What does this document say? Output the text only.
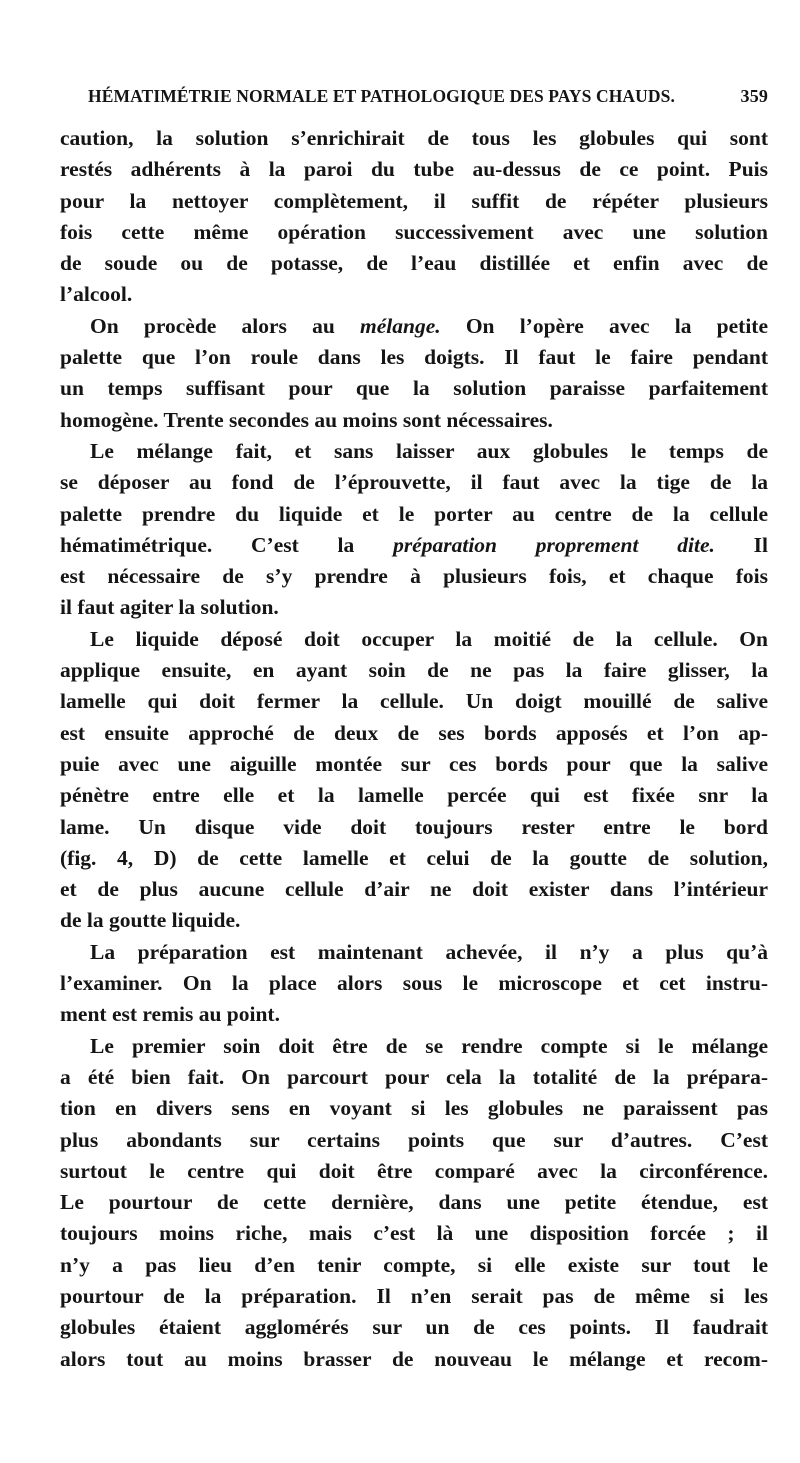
HÉMATIMÉTRIE NORMALE ET PATHOLOGIQUE DES PAYS CHAUDS.	359
caution, la solution s’enrichirait de tous les globules qui sont
restés adhérents à la paroi du tube au-dessus de ce point. Puis
pour la nettoyer complètement, il suffit de répéter plusieurs
fois cette même opération successivement avec une solution
de soude ou de potasse, de l’eau distillée et enfin avec de
l’alcool.
On procède alors au mélange. On l’opère avec la petite
palette que l’on roule dans les doigts. Il faut le faire pendant
un temps suffisant pour que la solution paraisse parfaitement
homogène. Trente secondes au moins sont nécessaires.
Le mélange fait, et sans laisser aux globules le temps de
se déposer au fond de l’éprouvette, il faut avec la tige de la
palette prendre du liquide et le porter au centre de la cellule
hématimétrique. C’est la préparation proprement dite. Il
est nécessaire de s’y prendre à plusieurs fois, et chaque fois
il faut agiter la solution.
Le liquide déposé doit occuper la moitié de la cellule. On
applique ensuite, en ayant soin de ne pas la faire glisser, la
lamelle qui doit fermer la cellule. Un doigt mouillé de salive
est ensuite approché de deux de ses bords apposés et l’on ap-
puie avec une aiguille montée sur ces bords pour que la salive
pénètre entre elle et la lamelle percée qui est fixée snr la
lame. Un disque vide doit toujours rester entre le bord
(fig. 4, D) de cette lamelle et celui de la goutte de solution,
et de plus aucune cellule d’air ne doit exister dans l’intérieur
de la goutte liquide.
La préparation est maintenant achevée, il n’y a plus qu’à
l’examiner. On la place alors sous le microscope et cet instru-
ment est remis au point.
Le premier soin doit être de se rendre compte si le mélange
a été bien fait. On parcourt pour cela la totalité de la prépara-
tion en divers sens en voyant si les globules ne paraissent pas
plus abondants sur certains points que sur d’autres. C’est
surtout le centre qui doit être comparé avec la circonférence.
Le pourtour de cette dernière, dans une petite étendue, est
toujours moins riche, mais c’est là une disposition forcée ; il
n’y a pas lieu d’en tenir compte, si elle existe sur tout le
pourtour de la préparation. Il n’en serait pas de même si les
globules étaient agglomérés sur un de ces points. Il faudrait
alors tout au moins brasser de nouveau le mélange et recom-
